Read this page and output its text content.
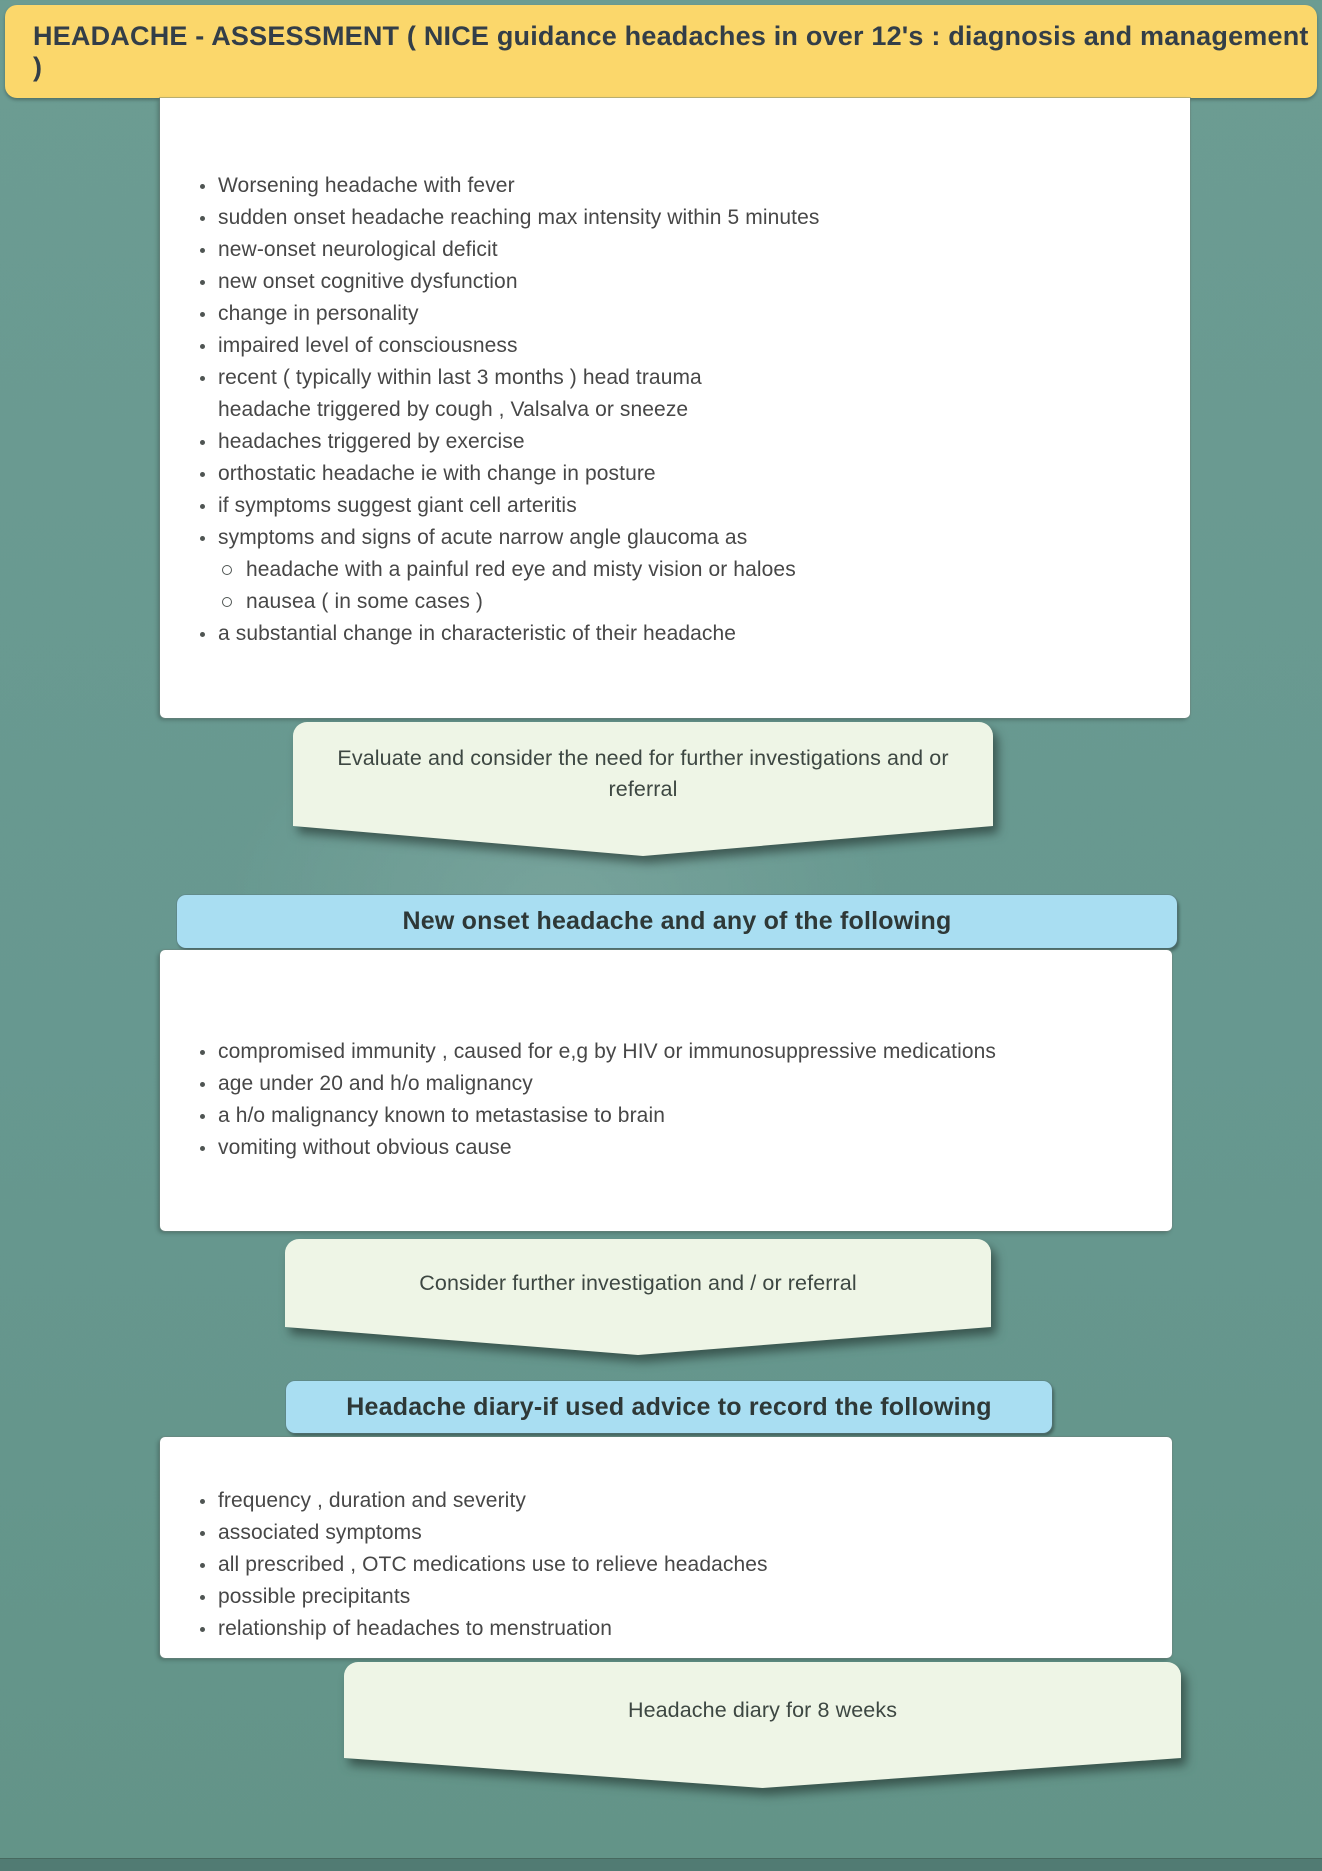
HEADACHE - ASSESSMENT ( NICE guidance headaches in over 12's : diagnosis and management )
Worsening headache with fever
sudden onset headache reaching max intensity within 5 minutes
new-onset neurological deficit
new onset cognitive dysfunction
change in personality
impaired level of consciousness
recent ( typically within last 3 months ) head trauma
headache triggered by cough , Valsalva or sneeze
headaches triggered by exercise
orthostatic headache ie with change in posture
if symptoms suggest giant cell arteritis
symptoms and signs of acute narrow angle glaucoma as
headache with a painful red eye and misty vision or haloes
nausea ( in some cases )
a substantial change in characteristic of their headache
Evaluate and consider the need for further investigations and or referral
New onset headache and any of the following
compromised immunity , caused for e,g by HIV or immunosuppressive medications
age under 20 and h/o malignancy
a h/o malignancy known to metastasise to brain
vomiting without obvious cause
Consider further investigation and / or referral
Headache diary-if used advice to record the following
frequency , duration and severity
associated symptoms
all prescribed , OTC medications use to relieve headaches
possible precipitants
relationship of headaches to menstruation
Headache diary for 8 weeks
